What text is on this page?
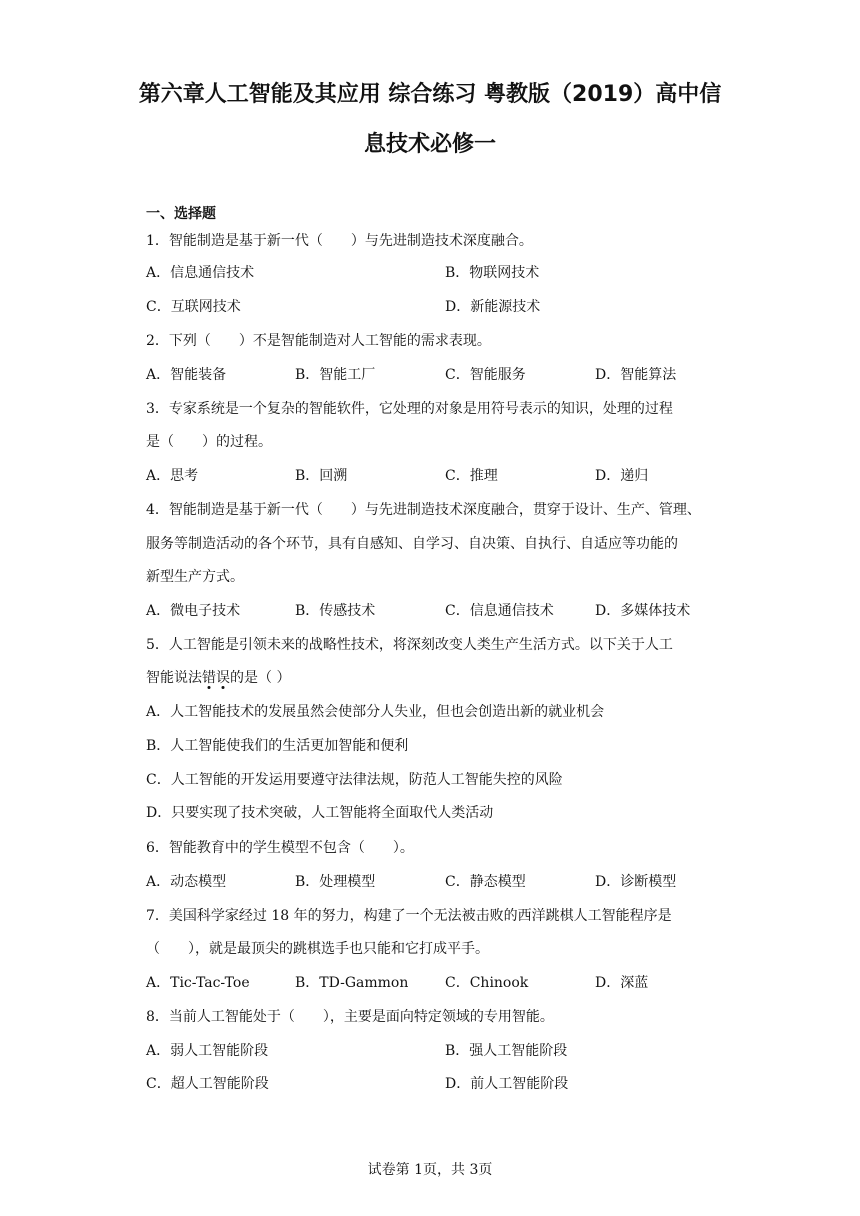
第六章人工智能及其应用 综合练习 粤教版（2019）高中信
息技术必修一
一、选择题
1．智能制造是基于新一代（　　）与先进制造技术深度融合。
A．信息通信技术	B．物联网技术
C．互联网技术	D．新能源技术
2．下列（　　）不是智能制造对人工智能的需求表现。
A．智能装备	B．智能工厂	C．智能服务	D．智能算法
3．专家系统是一个复杂的智能软件，它处理的对象是用符号表示的知识，处理的过程
是（　　）的过程。
A．思考	B．回溯	C．推理	D．递归
4．智能制造是基于新一代（　　）与先进制造技术深度融合，贯穿于设计、生产、管理、
服务等制造活动的各个环节，具有自感知、自学习、自决策、自执行、自适应等功能的
新型生产方式。
A．微电子技术	B．传感技术	C．信息通信技术	D．多媒体技术
5．人工智能是引领未来的战略性技术，将深刻改变人类生产生活方式。以下关于人工
智能说法错误的是（ ）
A．人工智能技术的发展虽然会使部分人失业，但也会创造出新的就业机会
B．人工智能使我们的生活更加智能和便利
C．人工智能的开发运用要遵守法律法规，防范人工智能失控的风险
D．只要实现了技术突破，人工智能将全面取代人类活动
6．智能教育中的学生模型不包含（　　）。
A．动态模型	B．处理模型	C．静态模型	D．诊断模型
7．美国科学家经过 18 年的努力，构建了一个无法被击败的西洋跳棋人工智能程序是
（　　），就是最顶尖的跳棋选手也只能和它打成平手。
A．Tic-Tac-Toe	B．TD-Gammon	C．Chinook	D．深蓝
8．当前人工智能处于（　　），主要是面向特定领域的专用智能。
A．弱人工智能阶段	B．强人工智能阶段
C．超人工智能阶段	D．前人工智能阶段
试卷第 1页，共 3页
